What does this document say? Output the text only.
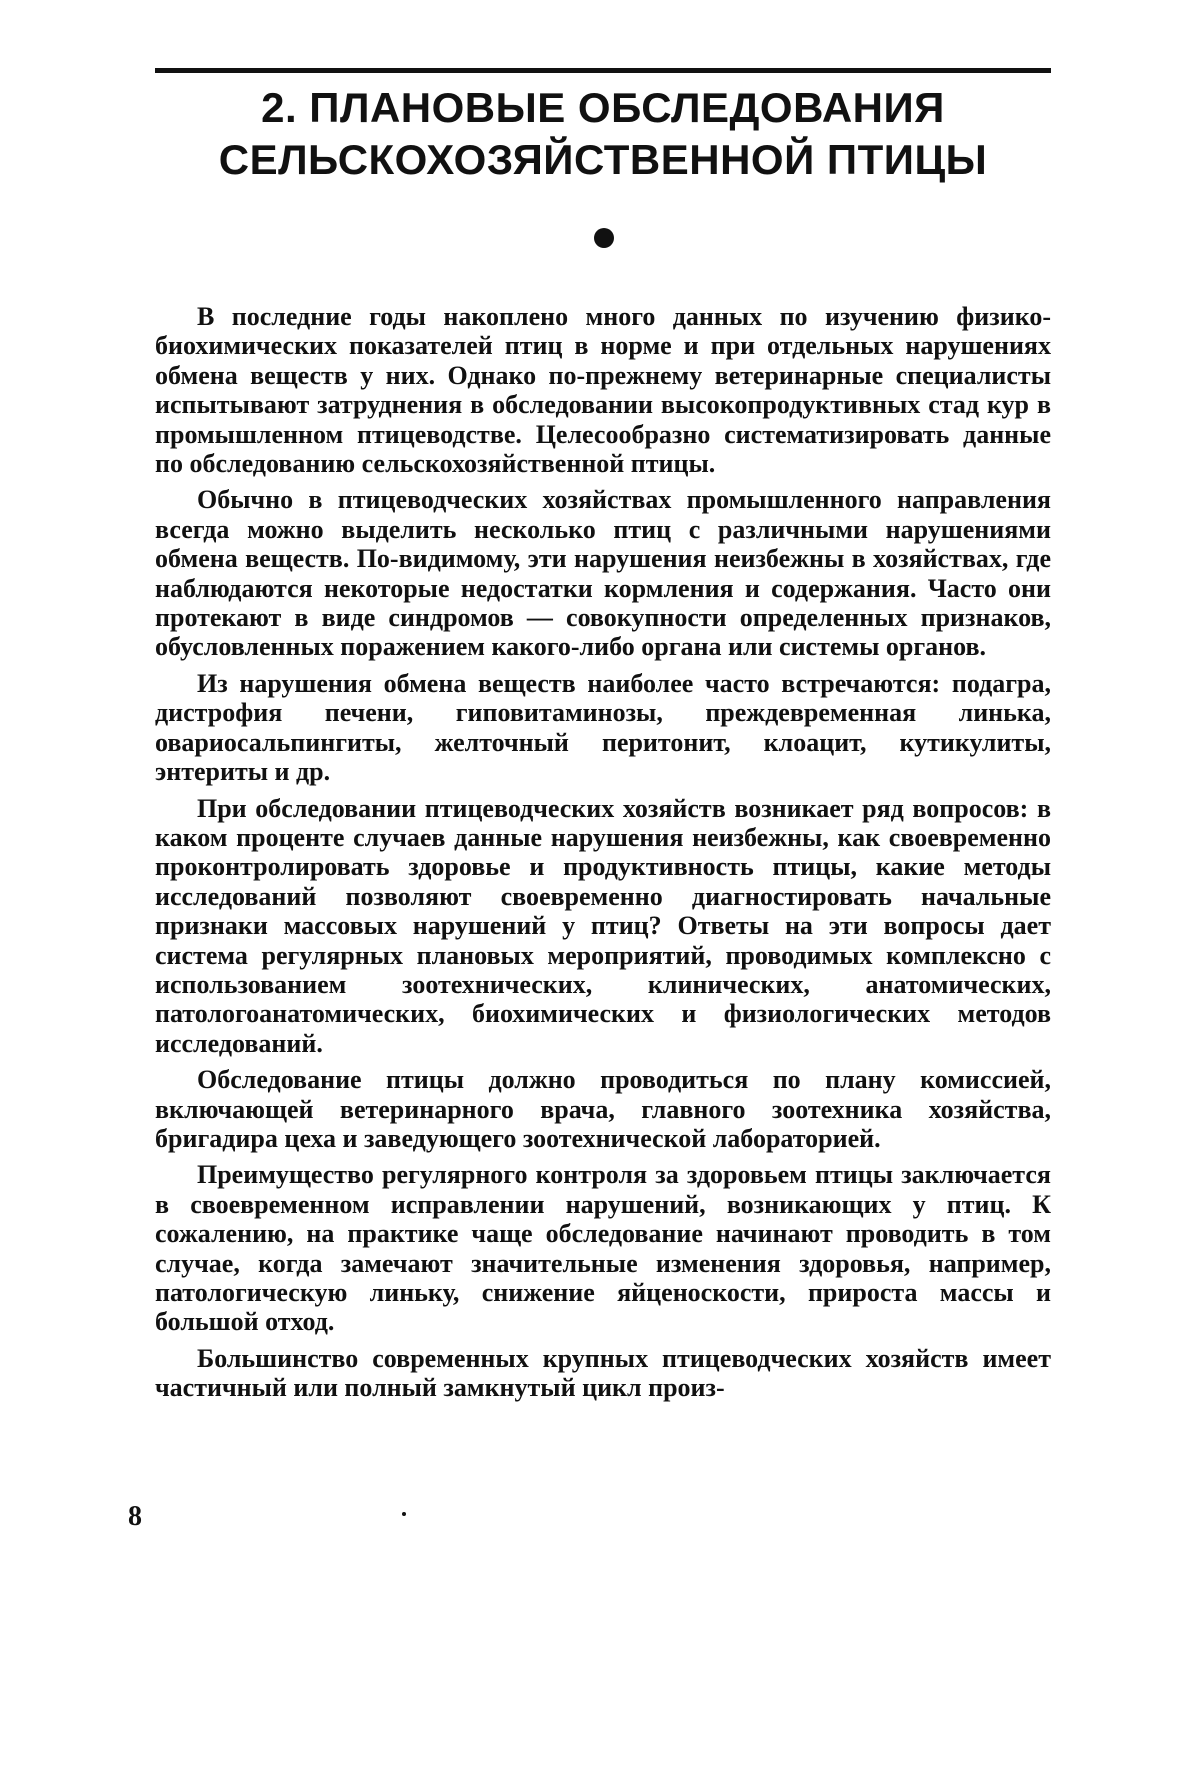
2. ПЛАНОВЫЕ ОБСЛЕДОВАНИЯ
СЕЛЬСКОХОЗЯЙСТВЕННОЙ ПТИЦЫ

В последние годы накоплено много данных по изучению физико-биохимических показателей птиц в норме и при отдельных нарушениях обмена веществ у них. Однако по-прежнему ветеринарные специалисты испытывают затруднения в обследовании высокопродуктивных стад кур в промышленном птицеводстве. Целесообразно систематизировать данные по обследованию сельскохозяйственной птицы.

Обычно в птицеводческих хозяйствах промышленного направления всегда можно выделить несколько птиц с различными нарушениями обмена веществ. По-видимому, эти нарушения неизбежны в хозяйствах, где наблюдаются некоторые недостатки кормления и содержания. Часто они протекают в виде синдромов — совокупности определенных признаков, обусловленных поражением какого-либо органа или системы органов.

Из нарушения обмена веществ наиболее часто встречаются: подагра, дистрофия печени, гиповитаминозы, преждевременная линька, овариосальпингиты, желточный перитонит, клоацит, кутикулиты, энтериты и др.

При обследовании птицеводческих хозяйств возникает ряд вопросов: в каком проценте случаев данные нарушения неизбежны, как своевременно проконтролировать здоровье и продуктивность птицы, какие методы исследований позволяют своевременно диагностировать начальные признаки массовых нарушений у птиц? Ответы на эти вопросы дает система регулярных плановых мероприятий, проводимых комплексно с использованием зоотехнических, клинических, анатомических, патологоанатомических, биохимических и физиологических методов исследований.

Обследование птицы должно проводиться по плану комиссией, включающей ветеринарного врача, главного зоотехника хозяйства, бригадира цеха и заведующего зоотехнической лабораторией.

Преимущество регулярного контроля за здоровьем птицы заключается в своевременном исправлении нарушений, возникающих у птиц. К сожалению, на практике чаще обследование начинают проводить в том случае, когда замечают значительные изменения здоровья, например, патологическую линьку, снижение яйценоскости, прироста массы и большой отход.

Большинство современных крупных птицеводческих хозяйств имеет частичный или полный замкнутый цикл произ-

8
